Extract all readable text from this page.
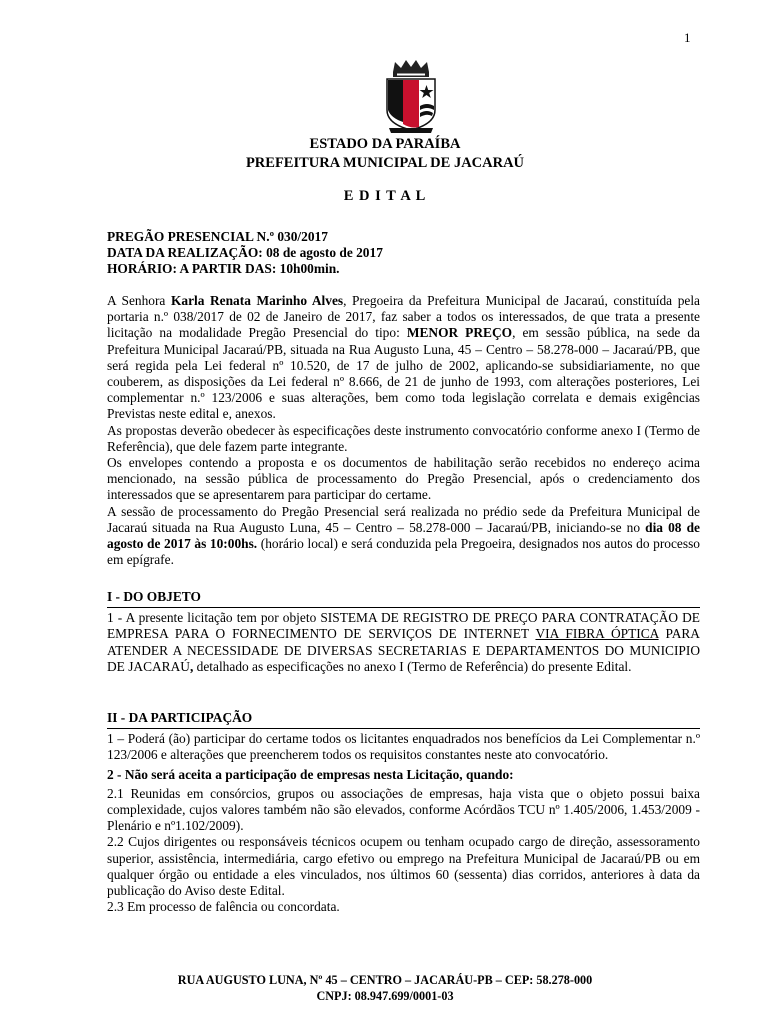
1
ESTADO DA PARAÍBA
PREFEITURA MUNICIPAL DE JACARAÚ
E D I T A L

PREGÃO PRESENCIAL N.º 030/2017

DATA DA REALIZAÇÃO: 08 de agosto de 2017

HORÁRIO: A PARTIR DAS: 10h00min.

A Senhora Karla Renata Marinho Alves, Pregoeira da Prefeitura Municipal de Jacaraú, constituída pela portaria n.º 038/2017 de 02 de Janeiro de 2017, faz saber a todos os interessados, de que trata a presente licitação na modalidade Pregão Presencial do tipo: MENOR PREÇO, em sessão pública, na sede da Prefeitura Municipal Jacaraú/PB, situada na Rua Augusto Luna, 45 – Centro – 58.278-000 – Jacaraú/PB, que será regida pela Lei federal nº 10.520, de 17 de julho de 2002, aplicando-se subsidiariamente, no que couberem, as disposições da Lei federal nº 8.666, de 21 de junho de 1993, com alterações posteriores, Lei complementar n.º 123/2006 e suas alterações, bem como toda legislação correlata e demais exigências Previstas neste edital e, anexos.

As propostas deverão obedecer às especificações deste instrumento convocatório conforme anexo I (Termo de Referência), que dele fazem parte integrante.

Os envelopes contendo a proposta e os documentos de habilitação serão recebidos no endereço acima mencionado, na sessão pública de processamento do Pregão Presencial, após o credenciamento dos interessados que se apresentarem para participar do certame.

A sessão de processamento do Pregão Presencial será realizada no prédio sede da Prefeitura Municipal de Jacaraú situada na Rua Augusto Luna, 45 – Centro – 58.278-000 – Jacaraú/PB, iniciando-se no dia 08 de agosto de 2017 às 10:00hs. (horário local) e será conduzida pela Pregoeira, designados nos autos do processo em epígrafe.

I - DO OBJETO

1 - A presente licitação tem por objeto SISTEMA DE REGISTRO DE PREÇO PARA CONTRATAÇÃO DE EMPRESA PARA O FORNECIMENTO DE SERVIÇOS DE INTERNET VIA FIBRA ÓPTICA PARA ATENDER A NECESSIDADE DE DIVERSAS SECRETARIAS E DEPARTAMENTOS DO MUNICIPIO DE JACARAÚ, detalhado as especificações no anexo I (Termo de Referência) do presente Edital.

II - DA PARTICIPAÇÃO

1 – Poderá (ão) participar do certame todos os licitantes enquadrados nos benefícios da Lei Complementar n.º 123/2006 e alterações que preencherem todos os requisitos constantes neste ato convocatório.

2 - Não será aceita a participação de empresas nesta Licitação, quando:

2.1 Reunidas em consórcios, grupos ou associações de empresas, haja vista que o objeto possui baixa complexidade, cujos valores também não são elevados, conforme Acórdãos TCU nº 1.405/2006, 1.453/2009 - Plenário e nº1.102/2009).

2.2 Cujos dirigentes ou responsáveis técnicos ocupem ou tenham ocupado cargo de direção, assessoramento superior, assistência, intermediária, cargo efetivo ou emprego na Prefeitura Municipal de Jacaraú/PB ou em qualquer órgão ou entidade a eles vinculados, nos últimos 60 (sessenta) dias corridos, anteriores à data da publicação do Aviso deste Edital.

2.3 Em processo de falência ou concordata.

RUA AUGUSTO LUNA, Nº 45 – CENTRO – JACARÁU-PB – CEP: 58.278-000
CNPJ: 08.947.699/0001-03
